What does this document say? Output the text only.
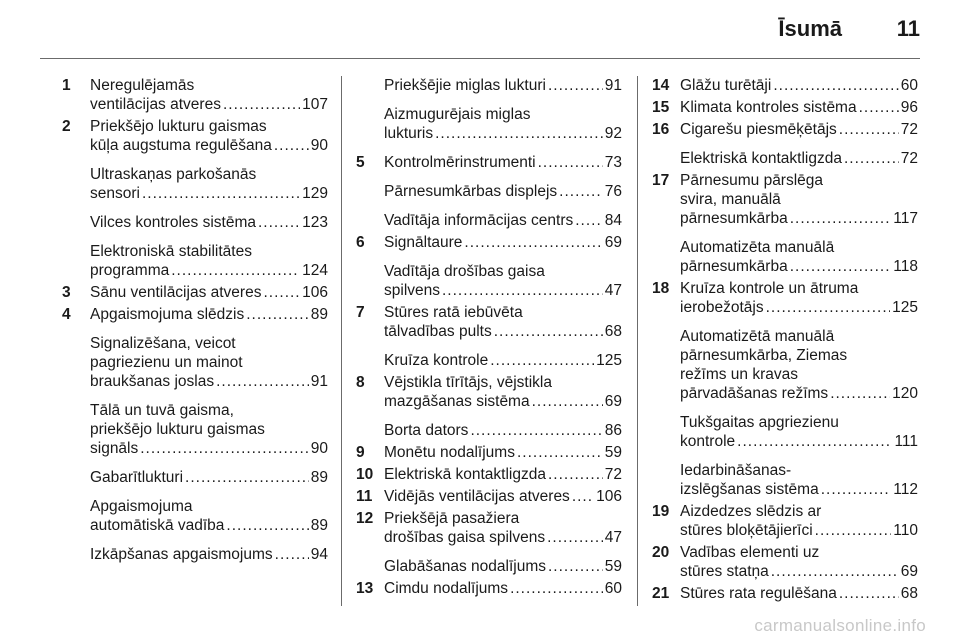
Īsumā 11
1	Neregulējamās
ventilācijas atveres .....	107
2	Priekšējo lukturu gaismas
kūļa augstuma regulēšana .....	90
Ultraskaņas parkošanās
sensori .....	129
Vilces kontroles sistēma .....	123
Elektroniskā stabilitātes
programma .....	124
3	Sānu ventilācijas atveres .....	106
4	Apgaismojuma slēdzis .....	89
Signalizēšana, veicot
pagriezienu un mainot
braukšanas joslas .....	91
Tālā un tuvā gaisma,
priekšējo lukturu gaismas
signāls .....	90
Gabarītlukturi .....	89
Apgaismojuma
automātiskā vadība .....	89
Izkāpšanas apgaismojums ..... 94
Priekšējie miglas lukturi .....	91
Aizmugurējais miglas
lukturis .....	92
5	Kontrolmērinstrumenti .....	73
Pārnesumkārbas displejs .....	76
Vadītāja informācijas centrs ..... 84
6	Signāltaure .....	69
Vadītāja drošības gaisa
spilvens .....	47
7	Stūres ratā iebūvēta
tālvadības pults .....	68
Kruīza kontrole .....	125
8	Vējstikla tīrītājs, vējstikla
mazgāšanas sistēma .....	69
Borta dators .....	86
9	Monētu nodalījums .....	59
10 Elektriskā kontaktligzda .....	72
11 Vidējās ventilācijas atveres ..... 106
12 Priekšējā pasažiera
drošības gaisa spilvens .....	47
Glabāšanas nodalījums .....	59
13 Cimdu nodalījums .....	60
14 Glāžu turētāji .....	60
15 Klimata kontroles sistēma .....	96
16 Cigarešu piesmēķētājs .....	72
Elektriskā kontaktligzda .....	72
17 Pārnesumu pārslēga
svira, manuālā
pārnesumkārba .....	117
Automatizēta manuālā
pārnesumkārba .....	118
18 Kruīza kontrole un ātruma
ierobežotājs .....	125
Automatizētā manuālā
pārnesumkārba, Ziemas
režīms un kravas
pārvadāšanas režīms .....	120
Tukšgaitas apgriezienu
kontrole .....	111
Iedarbināšanas-
izslēgšanas sistēma .....	112
19 Aizdedzes slēdzis ar
stūres bloķētājierīci .....	110
20 Vadības elementi uz
stūres statņa .....	69
21 Stūres rata regulēšana .....	68
carmanualsonline.info
